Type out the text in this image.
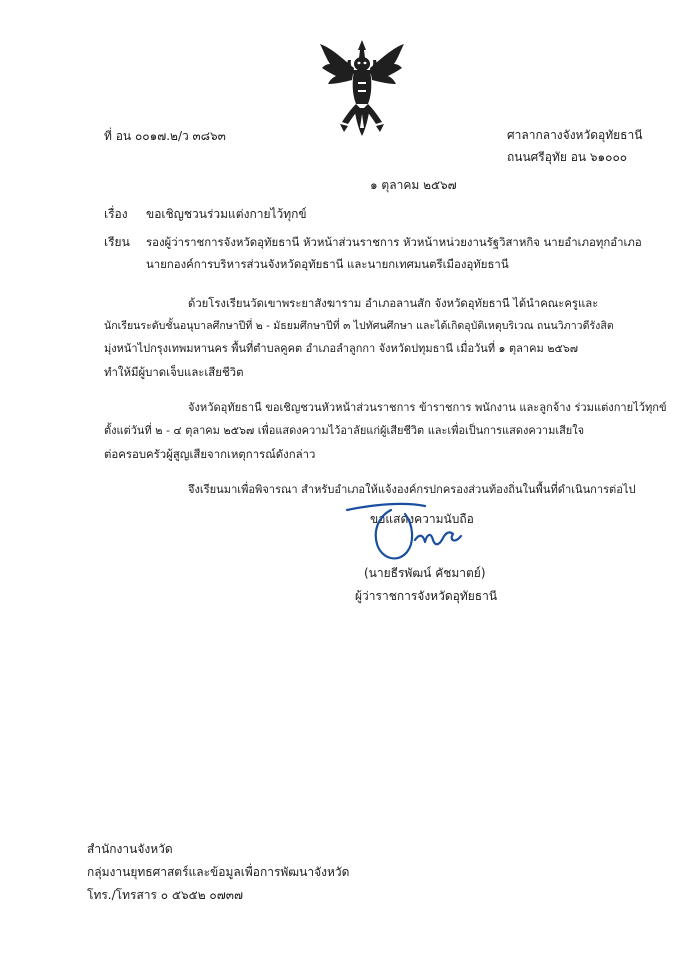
ที่ อน ๐๐๑๗.๒/ว ๓๘๖๓	ศาลากลางจังหวัดอุทัยธานี
ถนนศรีอุทัย อน ๖๑๐๐๐
๑ ตุลาคม ๒๕๖๗
เรื่อง ขอเชิญชวนร่วมแต่งกายไว้ทุกข์
เรียน รองผู้ว่าราชการจังหวัดอุทัยธานี หัวหน้าส่วนราชการ หัวหน้าหน่วยงานรัฐวิสาหกิจ นายอำเภอทุกอำเภอ
นายกองค์การบริหารส่วนจังหวัดอุทัยธานี และนายกเทศมนตรีเมืองอุทัยธานี
ด้วยโรงเรียนวัดเขาพระยาสังฆาราม อำเภอลานสัก จังหวัดอุทัยธานี ได้นำคณะครูและ
นักเรียนระดับชั้นอนุบาลศึกษาปีที่ ๒ - มัธยมศึกษาปีที่ ๓ ไปทัศนศึกษา และได้เกิดอุบัติเหตุบริเวณ ถนนวิภาวดีรังสิต
มุ่งหน้าไปกรุงเทพมหานคร พื้นที่ตำบลคูคต อำเภอลำลูกกา จังหวัดปทุมธานี เมื่อวันที่ ๑ ตุลาคม ๒๕๖๗
ทำให้มีผู้บาดเจ็บและเสียชีวิต
จังหวัดอุทัยธานี ขอเชิญชวนหัวหน้าส่วนราชการ ข้าราชการ พนักงาน และลูกจ้าง ร่วมแต่งกายไว้ทุกข์
ตั้งแต่วันที่ ๒ - ๔ ตุลาคม ๒๕๖๗ เพื่อแสดงความไว้อาลัยแก่ผู้เสียชีวิต และเพื่อเป็นการแสดงความเสียใจ
ต่อครอบครัวผู้สูญเสียจากเหตุการณ์ดังกล่าว
จึงเรียนมาเพื่อพิจารณา สำหรับอำเภอให้แจ้งองค์กรปกครองส่วนท้องถิ่นในพื้นที่ดำเนินการต่อไป
ขอแสดงความนับถือ
(นายธีรพัฒน์ คัชมาตย์)
ผู้ว่าราชการจังหวัดอุทัยธานี
สำนักงานจังหวัด
กลุ่มงานยุทธศาสตร์และข้อมูลเพื่อการพัฒนาจังหวัด
โทร./โทรสาร ๐ ๕๖๕๒ ๐๗๓๗
